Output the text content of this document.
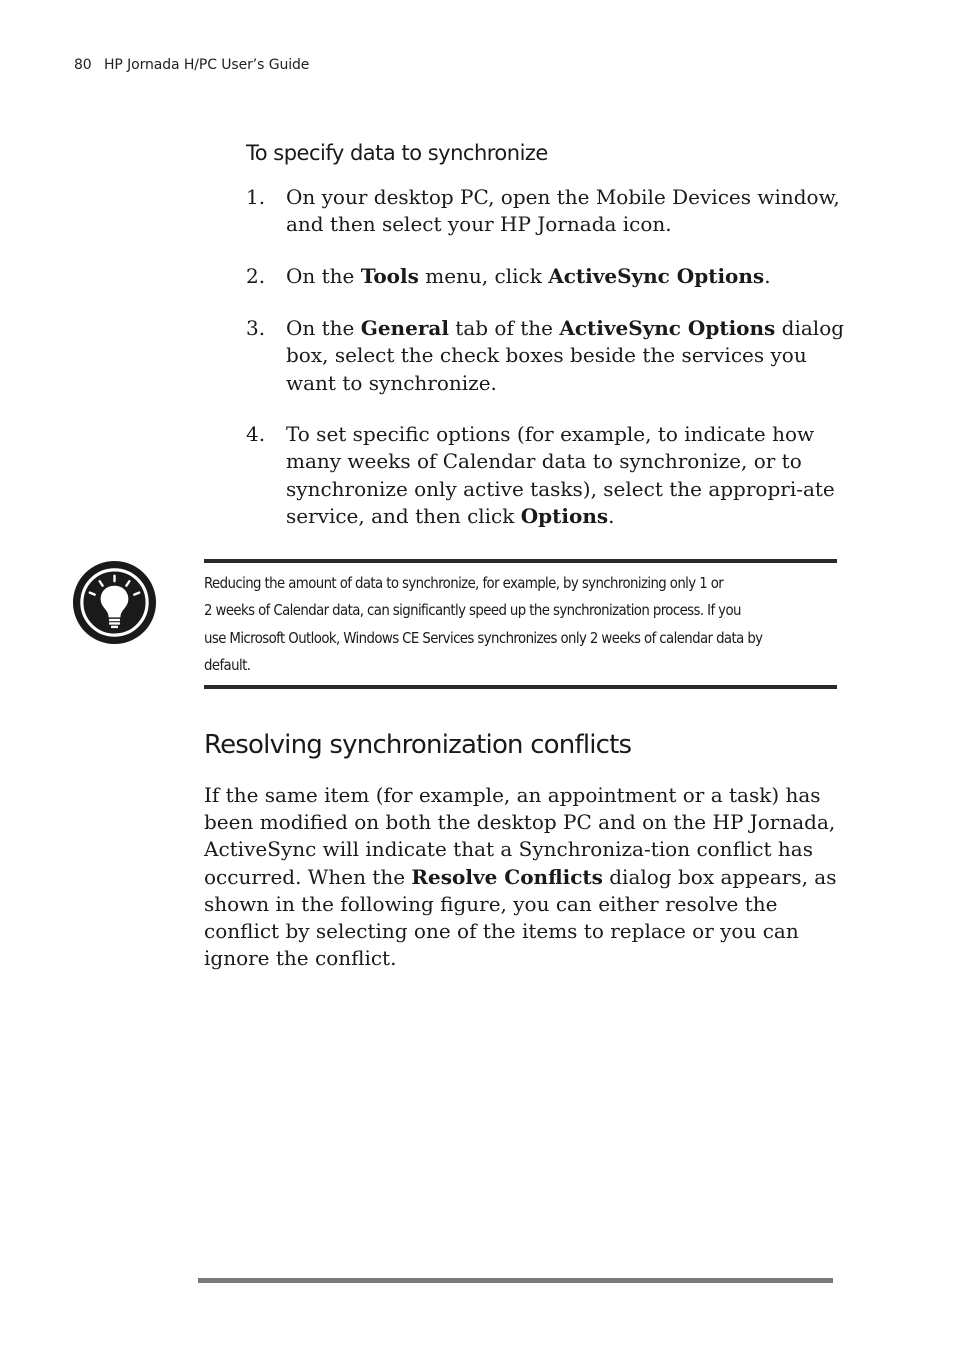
80 HP Jornada H/PC User’s Guide
To specify data to synchronize
1. On your desktop PC, open the Mobile Devices window, and then select your HP Jornada icon.
2. On the Tools menu, click ActiveSync Options.
3. On the General tab of the ActiveSync Options dialog box, select the check boxes beside the services you want to synchronize.
4. To set specific options (for example, to indicate how many weeks of Calendar data to synchronize, or to synchronize only active tasks), select the appropri-ate service, and then click Options.
Reducing the amount of data to synchronize, for example, by synchronizing only 1 or
2 weeks of Calendar data, can significantly speed up the synchronization process. If you
use Microsoft Outlook, Windows CE Services synchronizes only 2 weeks of calendar data by
default.
Resolving synchronization conflicts

If the same item (for example, an appointment or a task) has been modified on both the desktop PC and on the HP Jornada, ActiveSync will indicate that a Synchroniza-tion conflict has occurred. When the Resolve Conflicts dialog box appears, as shown in the following figure, you can either resolve the conflict by selecting one of the items to replace or you can ignore the conflict.
